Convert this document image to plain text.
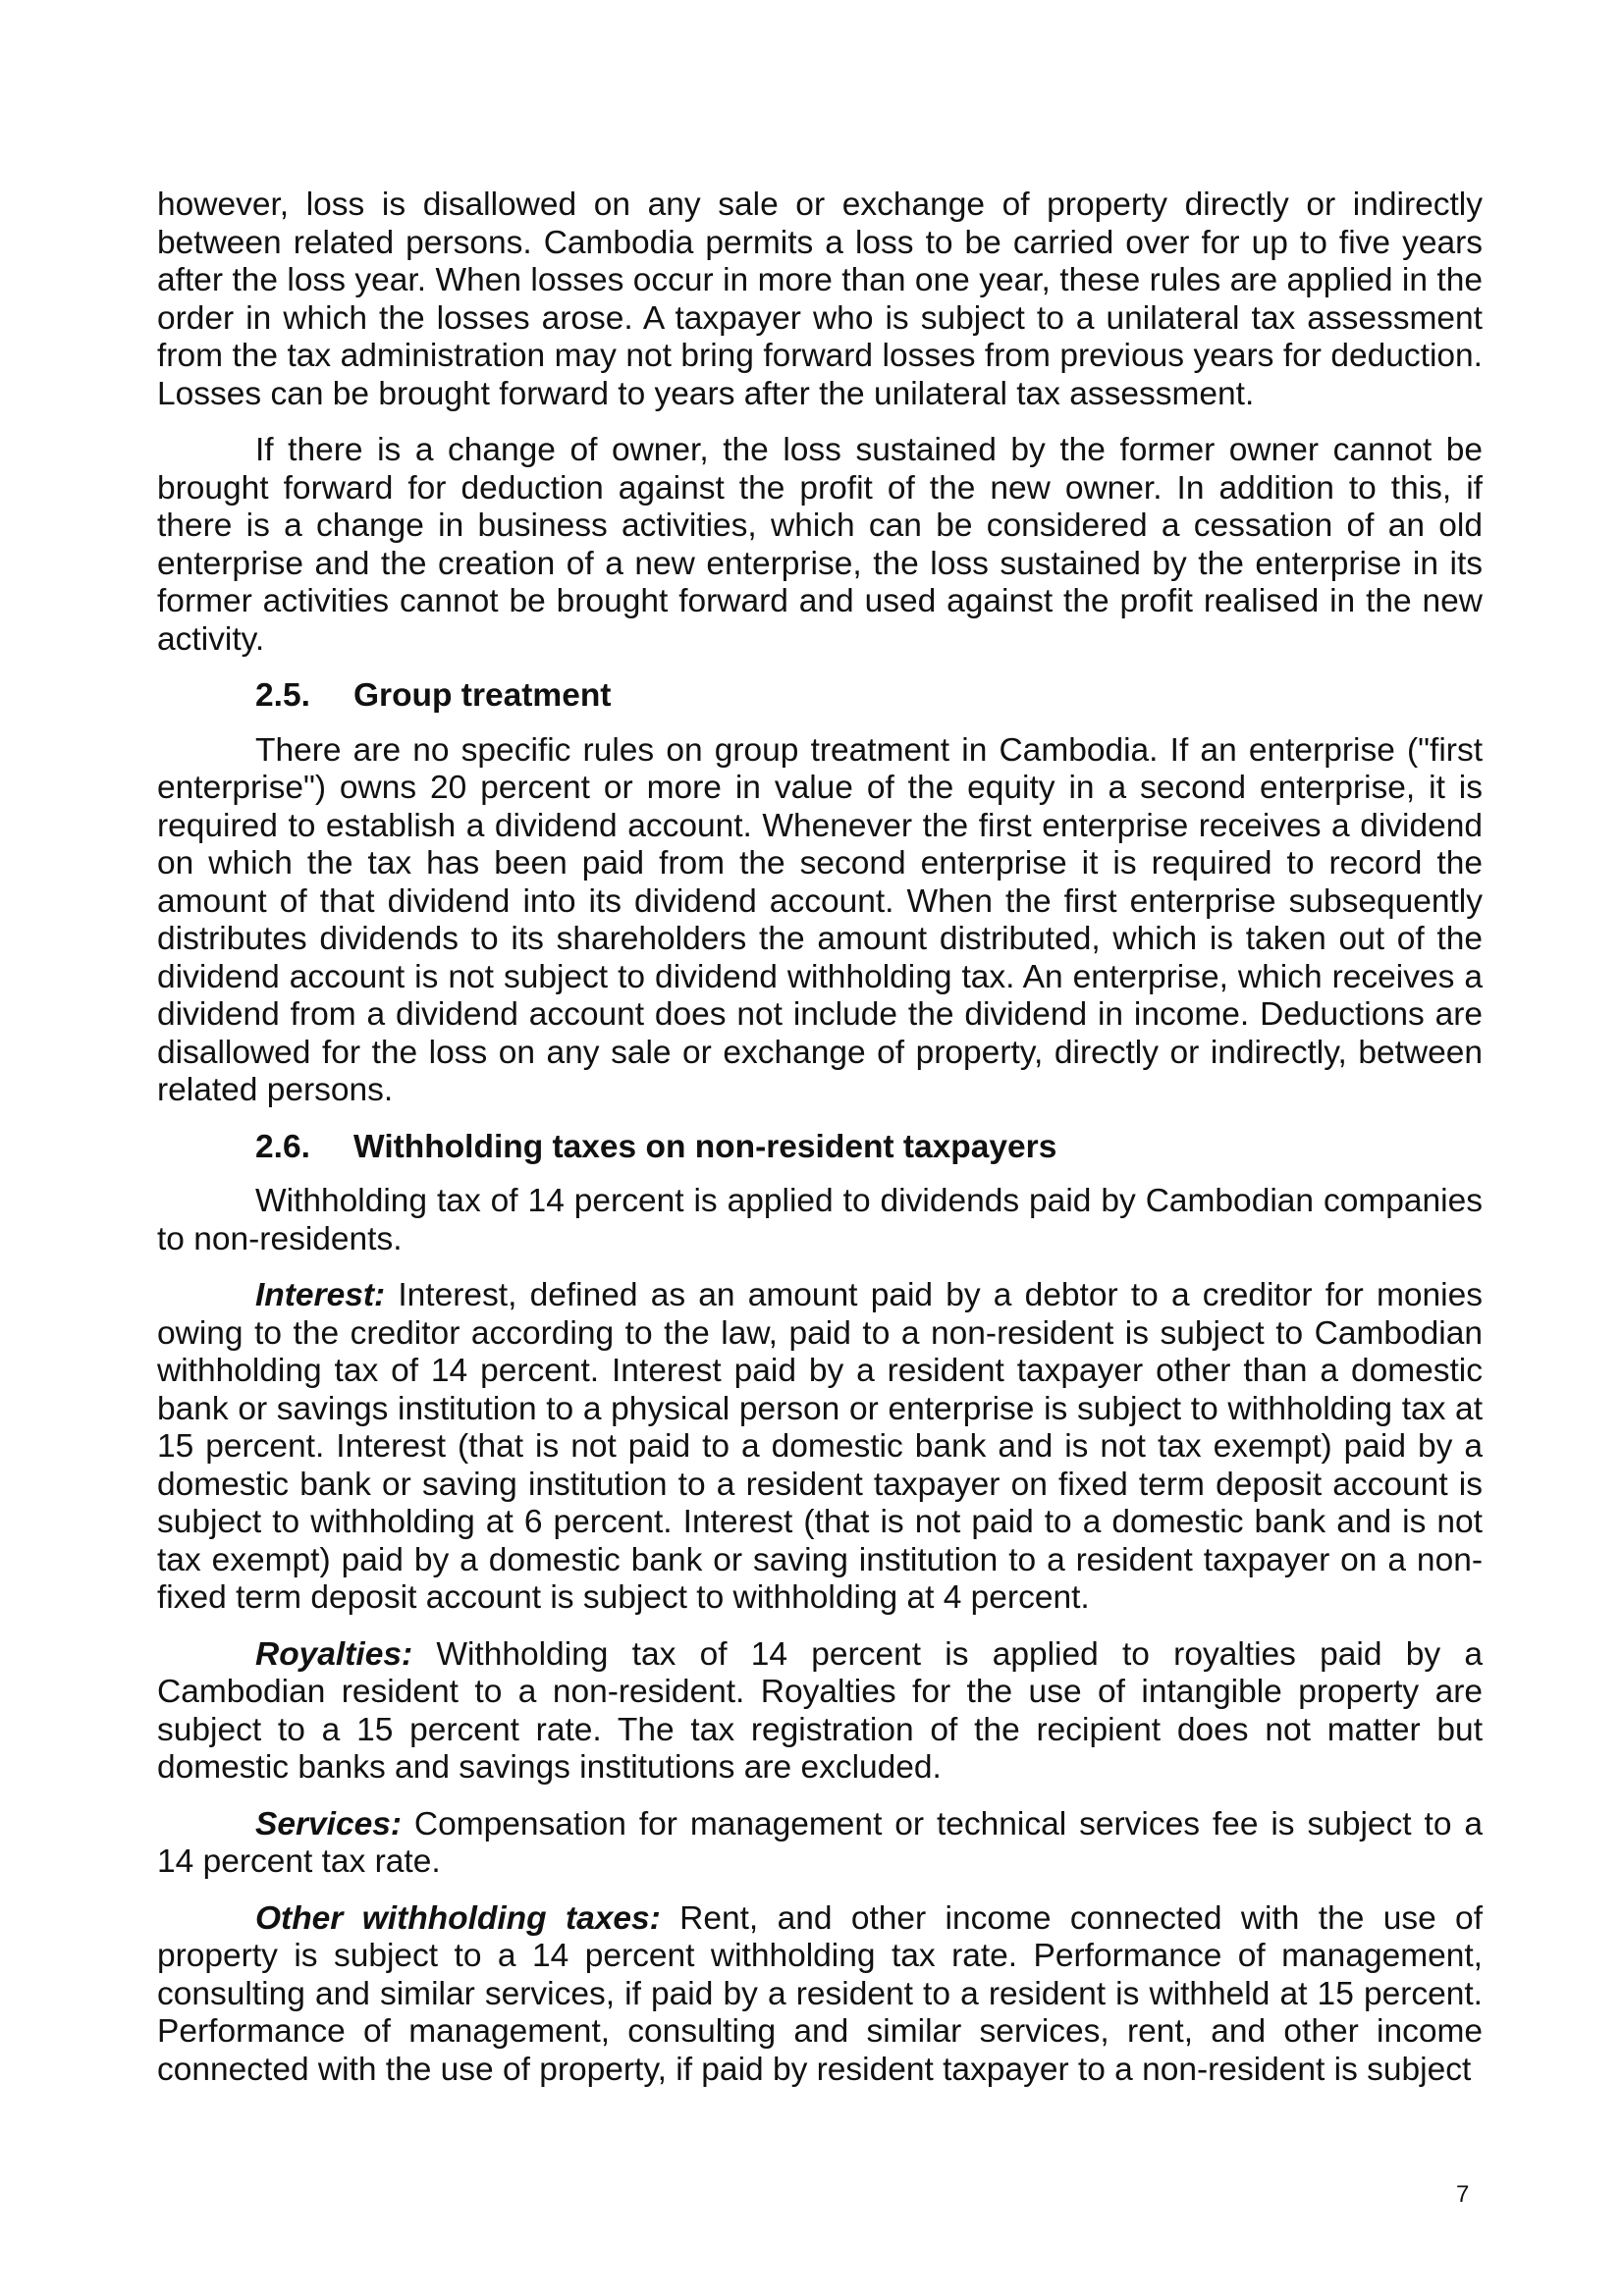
however, loss is disallowed on any sale or exchange of property directly or indirectly between related persons. Cambodia permits a loss to be carried over for up to five years after the loss year. When losses occur in more than one year, these rules are applied in the order in which the losses arose. A taxpayer who is subject to a unilateral tax assessment from the tax administration may not bring forward losses from previous years for deduction. Losses can be brought forward to years after the unilateral tax assessment.

If there is a change of owner, the loss sustained by the former owner cannot be brought forward for deduction against the profit of the new owner. In addition to this, if there is a change in business activities, which can be considered a cessation of an old enterprise and the creation of a new enterprise, the loss sustained by the enterprise in its former activities cannot be brought forward and used against the profit realised in the new activity.

2.5. Group treatment

There are no specific rules on group treatment in Cambodia. If an enterprise ("first enterprise") owns 20 percent or more in value of the equity in a second enterprise, it is required to establish a dividend account. Whenever the first enterprise receives a dividend on which the tax has been paid from the second enterprise it is required to record the amount of that dividend into its dividend account. When the first enterprise subsequently distributes dividends to its shareholders the amount distributed, which is taken out of the dividend account is not subject to dividend withholding tax. An enterprise, which receives a dividend from a dividend account does not include the dividend in income. Deductions are disallowed for the loss on any sale or exchange of property, directly or indirectly, between related persons.

2.6. Withholding taxes on non-resident taxpayers

Withholding tax of 14 percent is applied to dividends paid by Cambodian companies to non-residents.

Interest: Interest, defined as an amount paid by a debtor to a creditor for monies owing to the creditor according to the law, paid to a non-resident is subject to Cambodian withholding tax of 14 percent. Interest paid by a resident taxpayer other than a domestic bank or savings institution to a physical person or enterprise is subject to withholding tax at 15 percent. Interest (that is not paid to a domestic bank and is not tax exempt) paid by a domestic bank or saving institution to a resident taxpayer on fixed term deposit account is subject to withholding at 6 percent. Interest (that is not paid to a domestic bank and is not tax exempt) paid by a domestic bank or saving institution to a resident taxpayer on a non-fixed term deposit account is subject to withholding at 4 percent.

Royalties: Withholding tax of 14 percent is applied to royalties paid by a Cambodian resident to a non-resident. Royalties for the use of intangible property are subject to a 15 percent rate. The tax registration of the recipient does not matter but domestic banks and savings institutions are excluded.

Services: Compensation for management or technical services fee is subject to a 14 percent tax rate.

Other withholding taxes: Rent, and other income connected with the use of property is subject to a 14 percent withholding tax rate. Performance of management, consulting and similar services, if paid by a resident to a resident is withheld at 15 percent. Performance of management, consulting and similar services, rent, and other income connected with the use of property, if paid by resident taxpayer to a non-resident is subject

7
